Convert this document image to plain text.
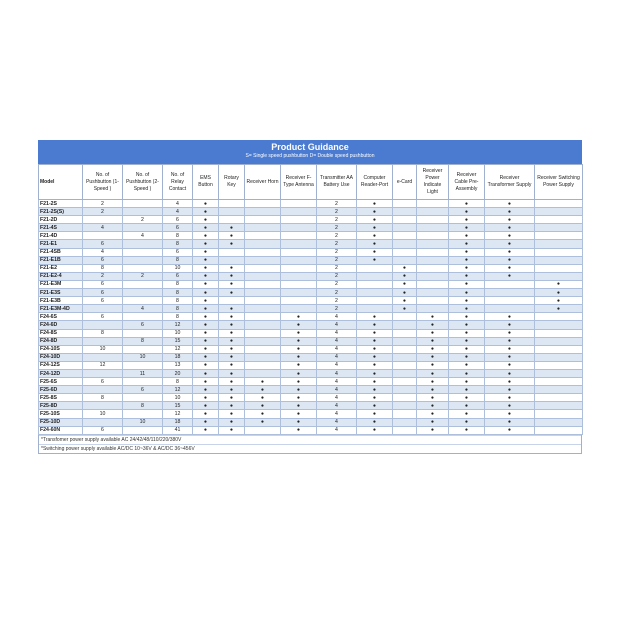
Product Guidance
S= Single speed pushbutton D= Double speed pushbutton
Model	No. of Pushbutton (1-Speed )	No. of Pushbutton (2-Speed )	No. of Relay Contact	EMS Button	Rotary Key	Receiver Horn	Receiver F-Type Antenna	Transmitter AA Battery Use	Computer Reader-Port	e-Card	Receiver Power Indicate Light	Receiver Cable Pre-Assembly	Receiver Transformer Supply	Receiver Switching Power Supply
F21-2S	2		4	●				2	●			●	●	
F21-2S(S)	2		4	●				2	●			●	●	
F21-2D		2	6	●				2	●			●	●	
F21-4S	4		6	●	●			2	●			●	●	
F21-4D		4	8	●	●			2	●			●	●	
F21-E1	6		8	●	●			2	●			●	●	
F21-4SB	4		6	●				2	●			●	●	
F21-E1B	6		8	●				2	●			●	●	
F21-E2	8		10	●	●			2		●		●	●	
F21-E2-4	2	2	6	●	●			2		●		●	●	
F21-E3M	6		8	●	●			2		●		●		●
F21-E3S	6		8	●	●			2		●		●		●
F21-E3B	6		8	●				2		●		●		●
F21-E3M-4D		4	8	●	●			2		●		●		●
F24-6S	6		8	●	●		●	4	●		●	●	●	
F24-6D		6	12	●	●		●	4	●		●	●	●	
F24-8S	8		10	●	●		●	4	●		●	●	●	
F24-8D		8	15	●	●		●	4	●		●	●	●	
F24-10S	10		12	●	●		●	4	●		●	●	●	
F24-10D		10	18	●	●		●	4	●		●	●	●	
F24-12S	12		13	●	●		●	4	●		●	●	●	
F24-12D		11	20	●	●		●	4	●		●	●	●	
F25-6S	6		8	●	●	●	●	4	●		●	●	●	
F25-6D		6	12	●	●	●	●	4	●		●	●	●	
F25-8S	8		10	●	●	●	●	4	●		●	●	●	
F25-8D		8	15	●	●	●	●	4	●		●	●	●	
F25-10S	10		12	●	●	●	●	4	●		●	●	●	
F25-10D		10	18	●	●	●	●	4	●		●	●	●	
F24-60N	6		41	●	●		●	4	●		●	●	●	
*Transfomer power supply available AC 24/42/48/110/220/380V
*Switching power supply available AC/DC 10~36V & AC/DC 36~456V
